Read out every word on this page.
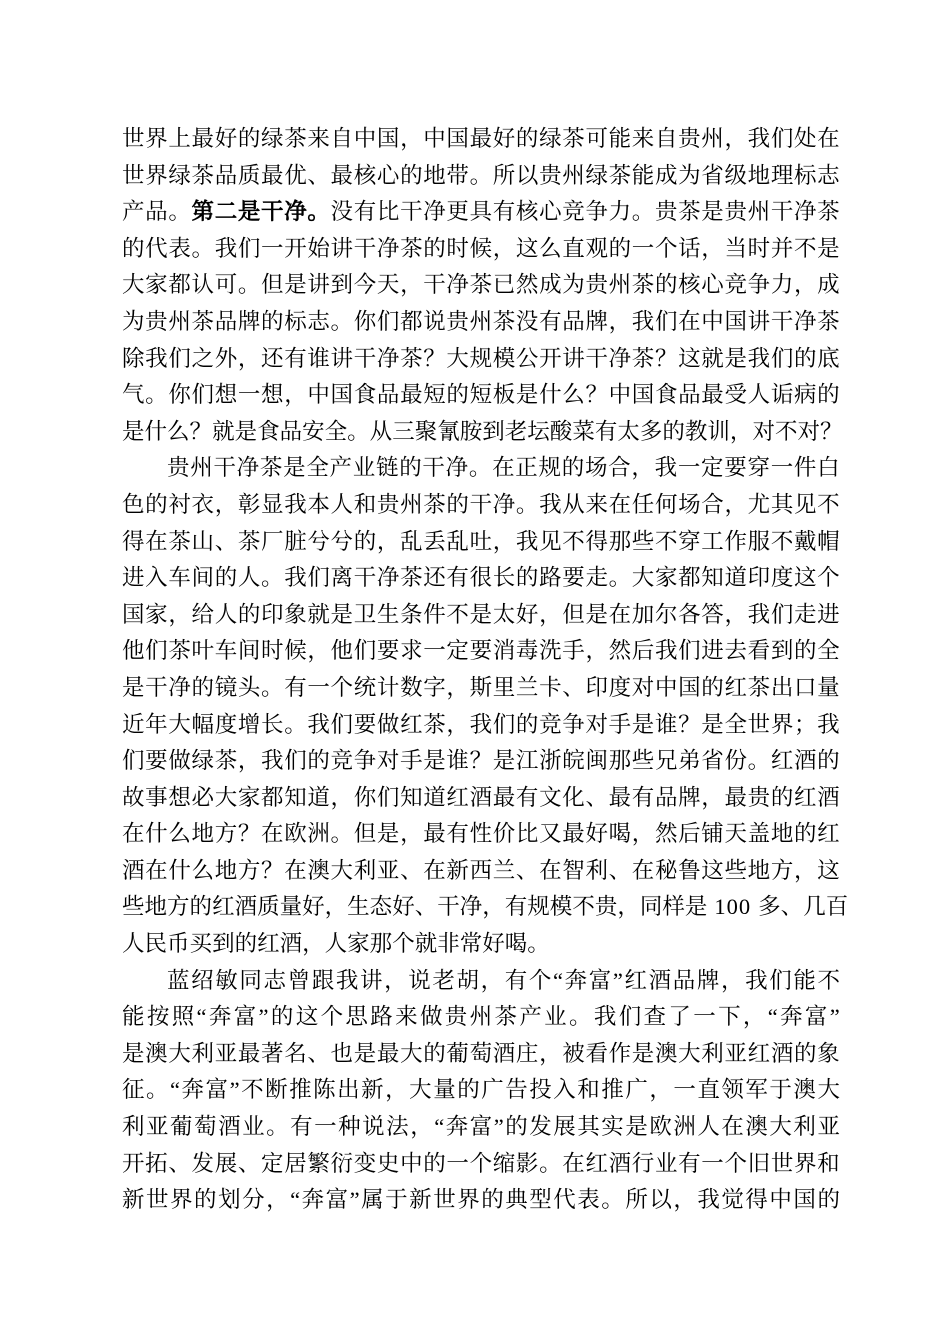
世 界 上 最 好 的 绿 茶 来 自 中 国 ， 中 国 最 好 的 绿 茶 可 能 来 自 贵 州 ， 我 们 处 在
世 界 绿 茶 品 质 最 优 、 最 核 心 的 地 带 。 所 以 贵 州 绿 茶 能 成 为 省 级 地 理 标 志
产 品 。 第 二 是 干 净 。 没 有 比 干 净 更 具 有 核 心 竞 争 力 。 贵 茶 是 贵 州 干 净 茶
的 代 表 。 我 们 一 开 始 讲 干 净 茶 的 时 候 ， 这 么 直 观 的 一 个 话 ， 当 时 并 不 是
大 家 都 认 可 。 但 是 讲 到 今 天 ， 干 净 茶 已 然 成 为 贵 州 茶 的 核 心 竞 争 力 ， 成
为 贵 州 茶 品 牌 的 标 志 。 你 们 都 说 贵 州 茶 没 有 品 牌 ， 我 们 在 中 国 讲 干 净 茶
除 我 们 之 外 ， 还 有 谁 讲 干 净 茶 ？ 大 规 模 公 开 讲 干 净 茶 ？ 这 就 是 我 们 的 底
气 。 你 们 想 一 想 ， 中 国 食 品 最 短 的 短 板 是 什 么 ？ 中 国 食 品 最 受 人 诟 病 的
是 什 么 ？ 就 是 食 品 安 全 。 从 三 聚 氰 胺 到 老 坛 酸 菜 有 太 多 的 教 训 ， 对 不 对 ？
贵 州 干 净 茶 是 全 产 业 链 的 干 净 。 在 正 规 的 场 合 ， 我 一 定 要 穿 一 件 白
色 的 衬 衣 ， 彰 显 我 本 人 和 贵 州 茶 的 干 净 。 我 从 来 在 任 何 场 合 ， 尤 其 见 不
得 在 茶 山 、 茶 厂 脏 兮 兮 的 ， 乱 丢 乱 吐 ， 我 见 不 得 那 些 不 穿 工 作 服 不 戴 帽
进 入 车 间 的 人 。 我 们 离 干 净 茶 还 有 很 长 的 路 要 走 。 大 家 都 知 道 印 度 这 个
国 家 ， 给 人 的 印 象 就 是 卫 生 条 件 不 是 太 好 ， 但 是 在 加 尔 各 答 ， 我 们 走 进
他 们 茶 叶 车 间 时 候 ， 他 们 要 求 一 定 要 消 毒 洗 手 ， 然 后 我 们 进 去 看 到 的 全
是 干 净 的 镜 头 。 有 一 个 统 计 数 字 ， 斯 里 兰 卡 、 印 度 对 中 国 的 红 茶 出 口 量
近 年 大 幅 度 增 长 。 我 们 要 做 红 茶 ， 我 们 的 竞 争 对 手 是 谁 ？ 是 全 世 界 ； 我
们 要 做 绿 茶 ， 我 们 的 竞 争 对 手 是 谁 ？ 是 江 浙 皖 闽 那 些 兄 弟 省 份 。 红 酒 的
故 事 想 必 大 家 都 知 道 ， 你 们 知 道 红 酒 最 有 文 化 、 最 有 品 牌 ， 最 贵 的 红 酒
在 什 么 地 方 ？ 在 欧 洲 。 但 是 ， 最 有 性 价 比 又 最 好 喝 ， 然 后 铺 天 盖 地 的 红
酒 在 什 么 地 方 ？ 在 澳 大 利 亚 、 在 新 西 兰 、 在 智 利 、 在 秘 鲁 这 些 地 方 ， 这
些 地 方 的 红 酒 质 量 好 ， 生 态 好 、 干 净 ， 有 规 模 不 贵 ， 同 样 是 100 多 、 几 百
人 民 币 买 到 的 红 酒 ， 人 家 那 个 就 非 常 好 喝 。
蓝 绍 敏 同 志 曾 跟 我 讲 ， 说 老 胡 ， 有 个 “ 奔 富 ” 红 酒 品 牌 ， 我 们 能 不
能 按 照 “ 奔 富 ” 的 这 个 思 路 来 做 贵 州 茶 产 业 。 我 们 查 了 一 下 ， “ 奔 富 ”
是 澳 大 利 亚 最 著 名 、 也 是 最 大 的 葡 萄 酒 庄 ， 被 看 作 是 澳 大 利 亚 红 酒 的 象
征 。 “ 奔 富 ” 不 断 推 陈 出 新 ， 大 量 的 广 告 投 入 和 推 广 ， 一 直 领 军 于 澳 大
利 亚 葡 萄 酒 业 。 有 一 种 说 法 ， “ 奔 富 ” 的 发 展 其 实 是 欧 洲 人 在 澳 大 利 亚
开 拓 、 发 展 、 定 居 繁 衍 变 史 中 的 一 个 缩 影 。 在 红 酒 行 业 有 一 个 旧 世 界 和
新 世 界 的 划 分 ， “ 奔 富 ” 属 于 新 世 界 的 典 型 代 表 。 所 以 ， 我 觉 得 中 国 的
